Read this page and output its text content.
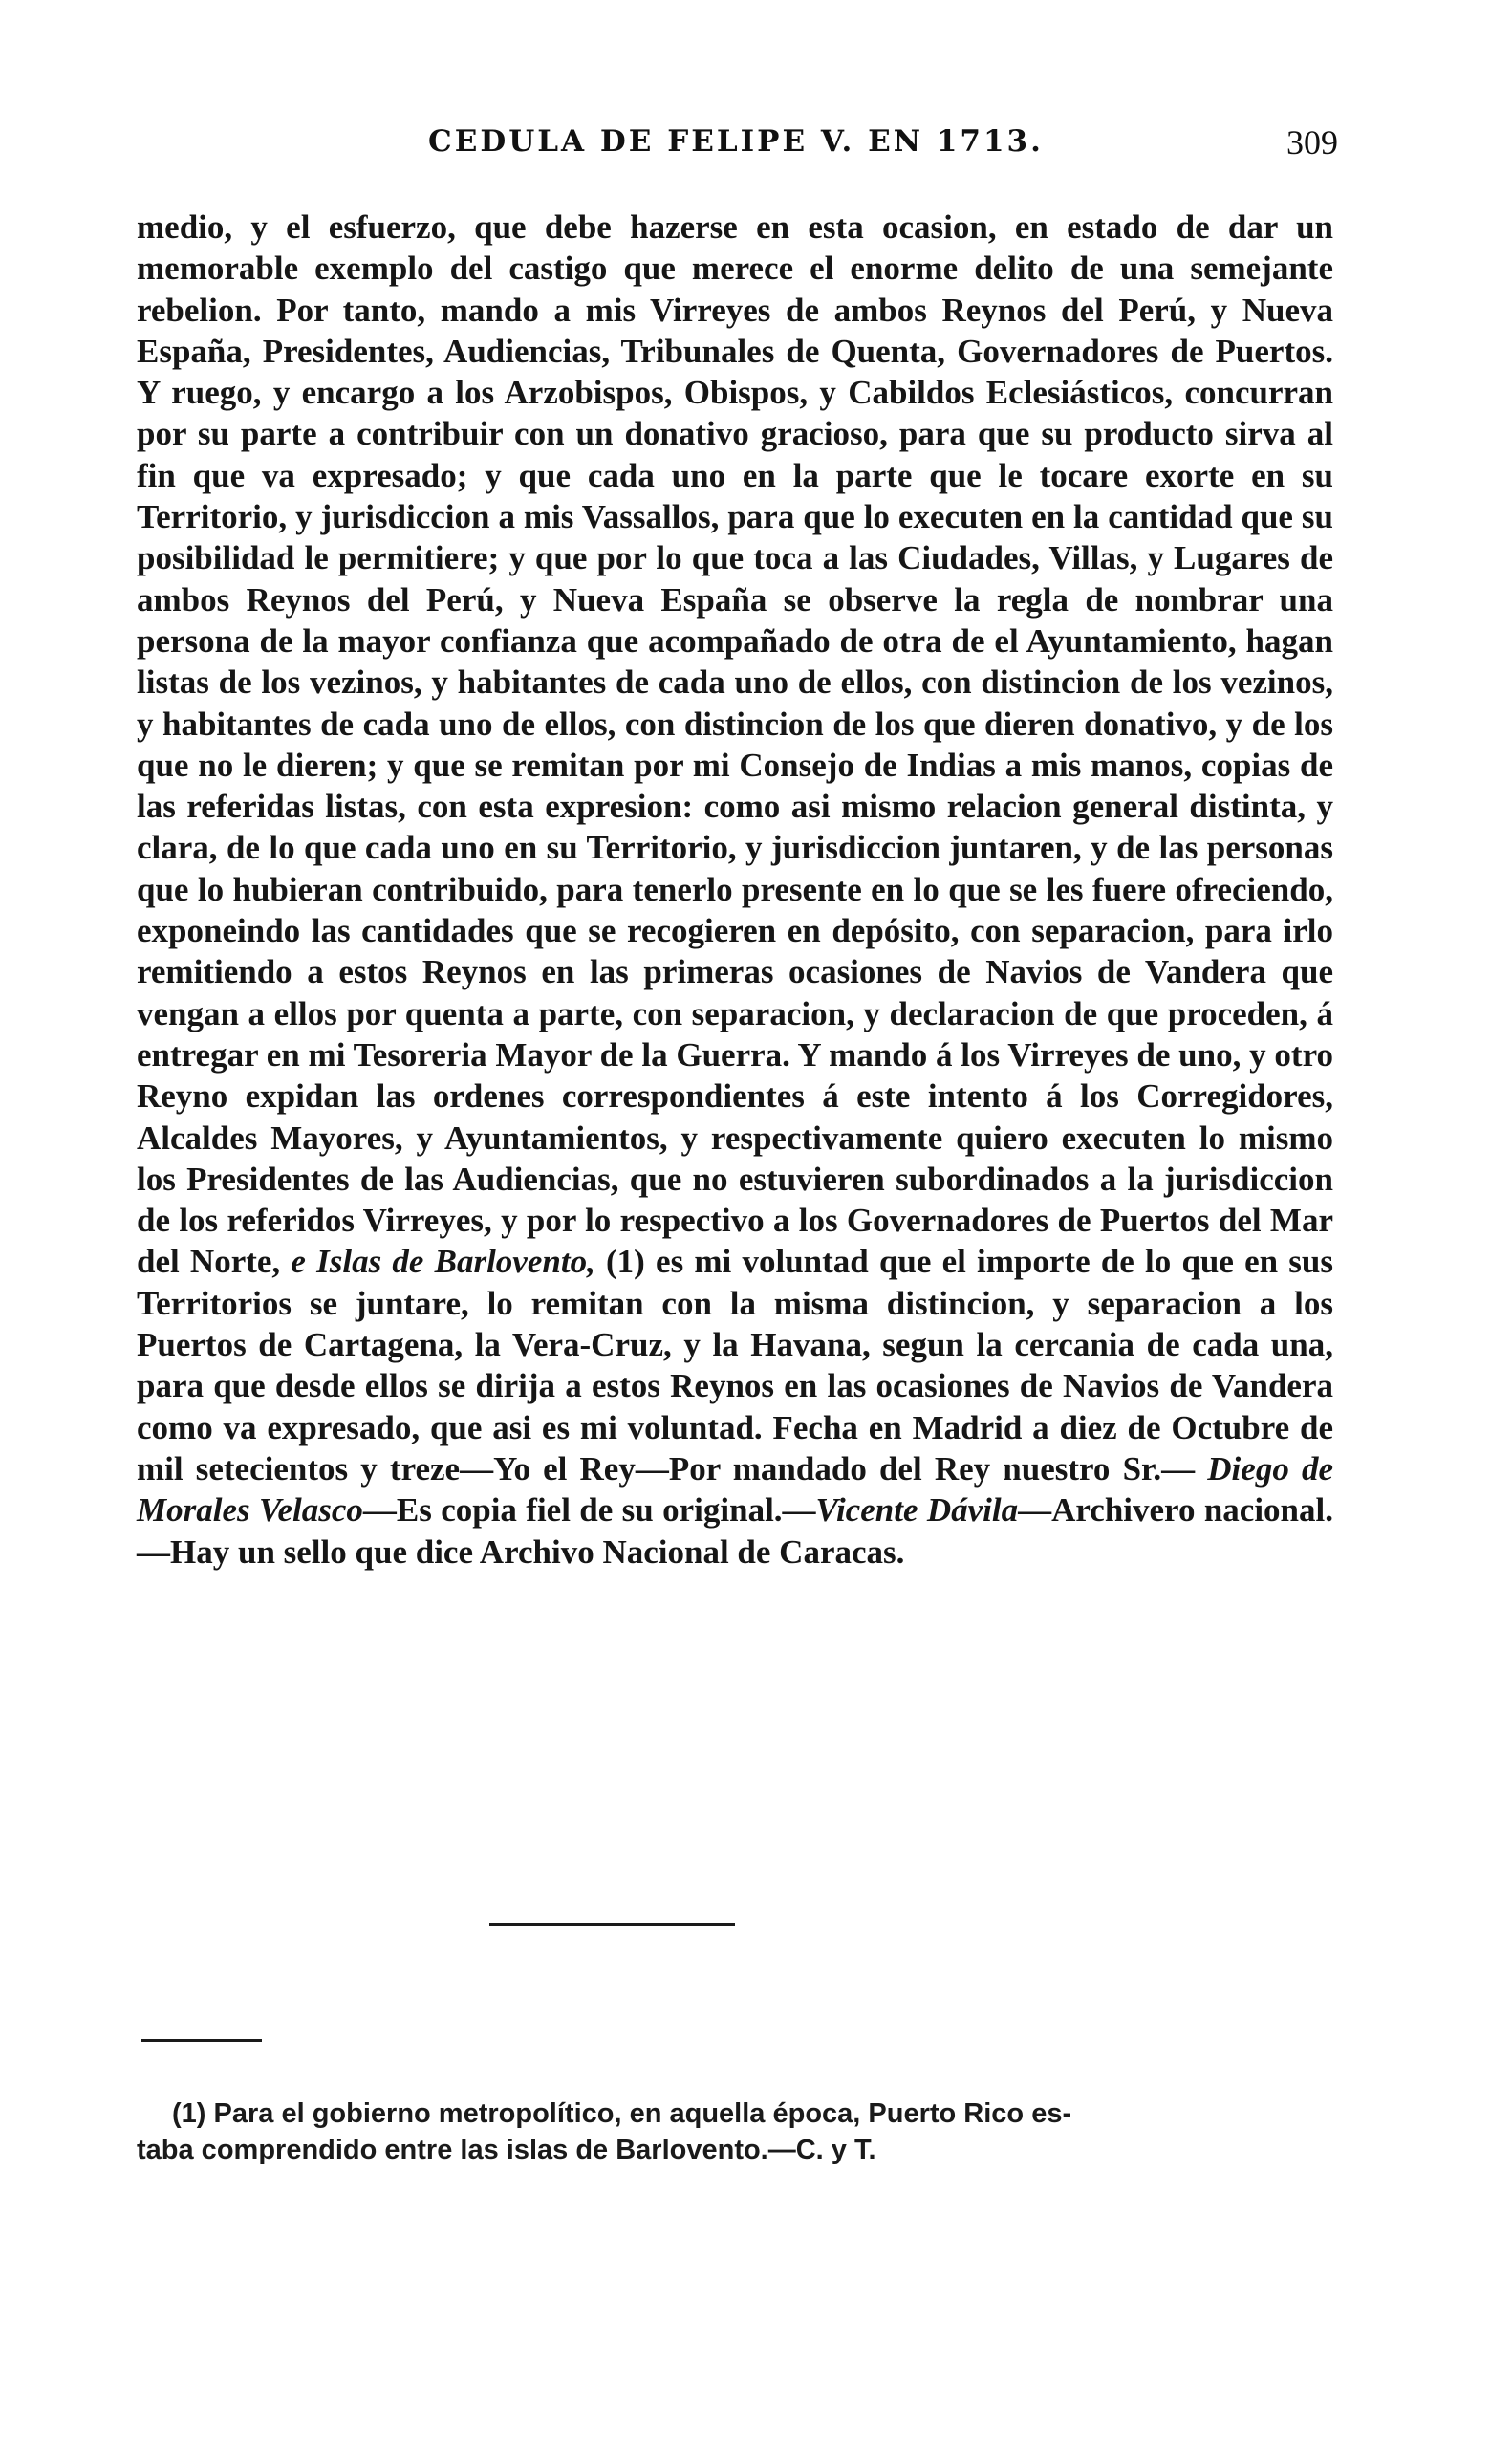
CEDULA DE FELIPE V. EN 1713.	309

medio, y el esfuerzo, que debe hazerse en esta ocasion, en estado de dar un memorable exemplo del castigo que merece el enorme delito de una semejante rebelion. Por tanto, mando a mis Virreyes de ambos Reynos del Perú, y Nueva España, Presidentes, Audiencias, Tribunales de Quenta, Governadores de Puertos. Y ruego, y encargo a los Arzobispos, Obispos, y Cabildos Eclesiásticos, concurran por su parte a contribuir con un donativo gracioso, para que su producto sirva al fin que va expresado; y que cada uno en la parte que le tocare exorte en su Territorio, y jurisdiccion a mis Vassallos, para que lo executen en la cantidad que su posibilidad le permitiere; y que por lo que toca a las Ciudades, Villas, y Lugares de ambos Reynos del Perú, y Nueva España se observe la regla de nombrar una persona de la mayor confianza que acompañado de otra de el Ayuntamiento, hagan listas de los vezinos, y habitantes de cada uno de ellos, con distincion de los vezinos, y habitantes de cada uno de ellos, con distincion de los que dieren donativo, y de los que no le dieren; y que se remitan por mi Consejo de Indias a mis manos, copias de las referidas listas, con esta expresion: como asi mismo relacion general distinta, y clara, de lo que cada uno en su Territorio, y jurisdiccion juntaren, y de las personas que lo hubieran contribuido, para tenerlo presente en lo que se les fuere ofreciendo, exponeindo las cantidades que se recogieren en depósito, con separacion, para irlo remitiendo a estos Reynos en las primeras ocasiones de Navios de Vandera que vengan a ellos por quenta a parte, con separacion, y declaracion de que proceden, á entregar en mi Tesoreria Mayor de la Guerra. Y mando á los Virreyes de uno, y otro Reyno expidan las ordenes correspondientes á este intento á los Corregidores, Alcaldes Mayores, y Ayuntamientos, y respectivamente quiero executen lo mismo los Presidentes de las Audiencias, que no estuvieren subordinados a la jurisdiccion de los referidos Virreyes, y por lo respectivo a los Governadores de Puertos del Mar del Norte, e Islas de Barlovento, (1) es mi voluntad que el importe de lo que en sus Territorios se juntare, lo remitan con la misma distincion, y separacion a los Puertos de Cartagena, la Vera-Cruz, y la Havana, segun la cercania de cada una, para que desde ellos se dirija a estos Reynos en las ocasiones de Navios de Vandera como va expresado, que asi es mi voluntad. Fecha en Madrid a diez de Octubre de mil setecientos y treze—Yo el Rey—Por mandado del Rey nuestro Sr.— Diego de Morales Velasco—Es copia fiel de su original.—Vicente Dávila—Archivero nacional.—Hay un sello que dice Archivo Nacional de Caracas.

(1) Para el gobierno metropolítico, en aquella época, Puerto Rico es-
taba comprendido entre las islas de Barlovento.—C. y T.
